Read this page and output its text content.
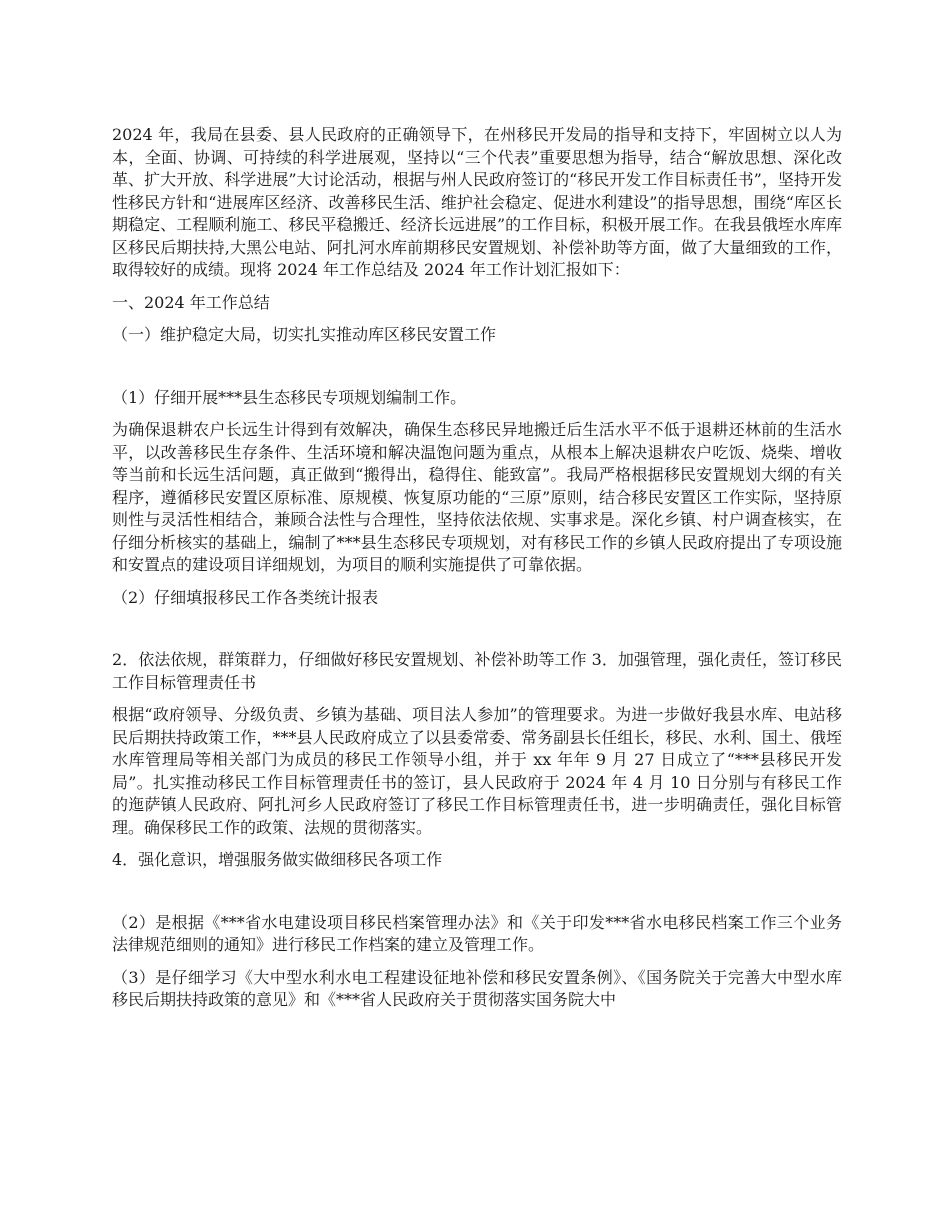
2024 年，我局在县委、县人民政府的正确领导下，在州移民开发局的指导和支持下，牢固树立以人为本，全面、协调、可持续的科学进展观，坚持以“三个代表”重要思想为指导，结合“解放思想、深化改革、扩大开放、科学进展”大讨论活动，根据与州人民政府签订的“移民开发工作目标责任书”，坚持开发性移民方针和“进展库区经济、改善移民生活、维护社会稳定、促进水利建设”的指导思想，围绕“库区长期稳定、工程顺利施工、移民平稳搬迁、经济长远进展”的工作目标，积极开展工作。在我县俄垤水库库区移民后期扶持,大黑公电站、阿扎河水库前期移民安置规划、补偿补助等方面，做了大量细致的工作，取得较好的成绩。现将 2024 年工作总结及 2024 年工作计划汇报如下：

一、2024 年工作总结

（一）维护稳定大局，切实扎实推动库区移民安置工作

（1）仔细开展***县生态移民专项规划编制工作。

为确保退耕农户长远生计得到有效解决，确保生态移民异地搬迁后生活水平不低于退耕还林前的生活水平，以改善移民生存条件、生活环境和解决温饱问题为重点，从根本上解决退耕农户吃饭、烧柴、增收等当前和长远生活问题，真正做到“搬得出，稳得住、能致富”。我局严格根据移民安置规划大纲的有关程序，遵循移民安置区原标准、原规模、恢复原功能的“三原”原则，结合移民安置区工作实际，坚持原则性与灵活性相结合，兼顾合法性与合理性，坚持依法依规、实事求是。深化乡镇、村户调查核实，在仔细分析核实的基础上，编制了***县生态移民专项规划，对有移民工作的乡镇人民政府提出了专项设施和安置点的建设项目详细规划，为项目的顺利实施提供了可靠依据。

（2）仔细填报移民工作各类统计报表

2．依法依规，群策群力，仔细做好移民安置规划、补偿补助等工作 3．加强管理，强化责任，签订移民工作目标管理责任书

根据“政府领导、分级负责、乡镇为基础、项目法人参加”的管理要求。为进一步做好我县水库、电站移民后期扶持政策工作，***县人民政府成立了以县委常委、常务副县长任组长，移民、水利、国土、俄垤水库管理局等相关部门为成员的移民工作领导小组，并于 xx 年年 9 月 27 日成立了“***县移民开发局”。扎实推动移民工作目标管理责任书的签订，县人民政府于 2024 年 4 月 10 日分别与有移民工作的迤萨镇人民政府、阿扎河乡人民政府签订了移民工作目标管理责任书，进一步明确责任，强化目标管理。确保移民工作的政策、法规的贯彻落实。

4．强化意识，增强服务做实做细移民各项工作

（2）是根据《***省水电建设项目移民档案管理办法》和《关于印发***省水电移民档案工作三个业务法律规范细则的通知》进行移民工作档案的建立及管理工作。

（3）是仔细学习《大中型水利水电工程建设征地补偿和移民安置条例》、《国务院关于完善大中型水库移民后期扶持政策的意见》和《***省人民政府关于贯彻落实国务院大中
